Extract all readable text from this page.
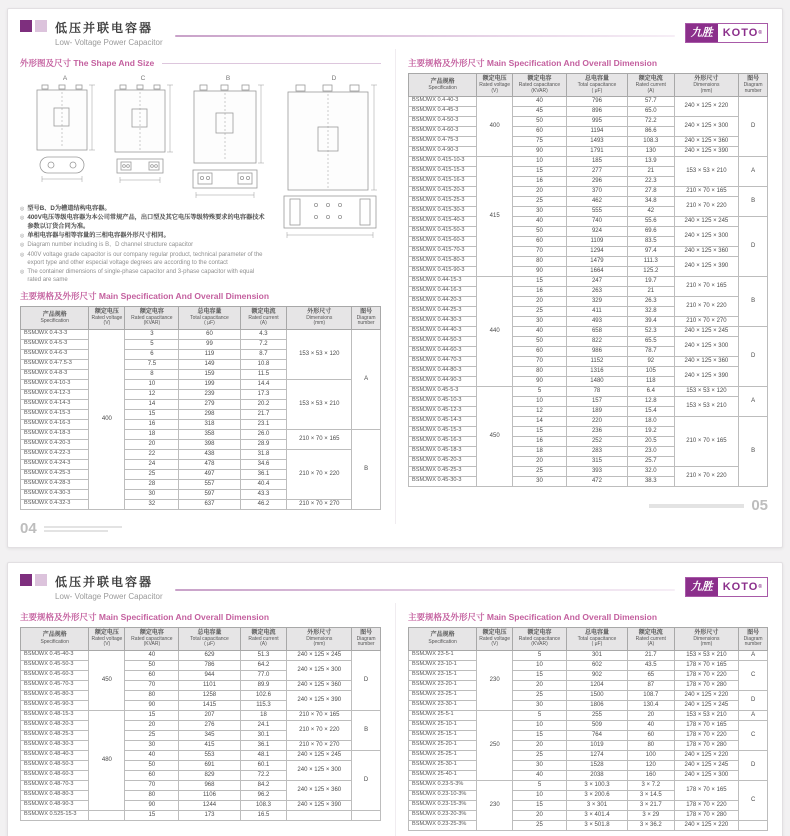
低压并联电容器
Low- Voltage Power Capacitor
九胜 KOTO®
外形图及尺寸 The Shape And Size
A	C	B	D
◎ 型号B、D为槽道结构电容器。
◎ 400V电压等级电容器为本公司常规产品，出口型及其它电压等级特殊要求的电容器技术参数以订货合同为准。
◎ 单相电容器与相等容量的三相电容器外形尺寸相同。
◎ Diagram number including is B、D channel structure capacitor
◎ 400V voltage grade capacitor is our company regular product, technical parameter of the export type and other especial voltage degrees are according to the contact
◎ The container dimensions of single-phase capacitor and 3-phase capacitor with equal rated are same
主要规格及外形尺寸 Main Specification And Overall Dimension
产品规格
Specification

额定电压
Rated voltage
(V)

额定电容
Rated capacitance
(KVAR)

总电容量
Total capacitance
( μF)

额定电流
Rated current
(A)

外形尺寸
Dimensions
(mm)

图号
Diagram
number

BSMJWX 0.4-3-3	400	3	60	4.3	153 × 53 × 120	A
BSMJWX 0.4-5-3		5	99	7.2		
BSMJWX 0.4-6-3		6	119	8.7		
BSMJWX 0.4-7.5-3		7.5	149	10.8		
BSMJWX 0.4-8-3		8	159	11.5		
BSMJWX 0.4-10-3		10	199	14.4	153 × 53 × 210	
BSMJWX 0.4-12-3		12	239	17.3		
BSMJWX 0.4-14-3		14	279	20.2		
BSMJWX 0.4-15-3		15	298	21.7		
BSMJWX 0.4-16-3		16	318	23.1		
BSMJWX 0.4-18-3		18	358	26.0	210 × 70 × 165	B
BSMJWX 0.4-20-3		20	398	28.9		
BSMJWX 0.4-22-3		22	438	31.8	210 × 70 × 220	
BSMJWX 0.4-24-3		24	478	34.6		
BSMJWX 0.4-25-3		25	497	36.1		
BSMJWX 0.4-28-3		28	557	40.4		
BSMJWX 0.4-30-3		30	597	43.3		
BSMJWX 0.4-32-3		32	637	46.2	210 × 70 × 270	
04
主要规格及外形尺寸 Main Specification And Overall Dimension
产品规格
Specification

额定电压
Rated voltage
(V)

额定电容
Rated capacitance
(KVAR)

总电容量
Total capacitance
( μF)

额定电流
Rated current
(A)

外形尺寸
Dimensions
(mm)

图号
Diagram
number

BSMJWX 0.4-40-3	400	40	796	57.7	240 × 125 × 220	D
BSMJWX 0.4-45-3		45	896	65.0		
BSMJWX 0.4-50-3		50	995	72.2	240 × 125 × 300	
BSMJWX 0.4-60-3		60	1194	86.6		
BSMJWX 0.4-75-3		75	1493	108.3	240 × 125 × 360	
BSMJWX 0.4-90-3		90	1791	130	240 × 125 × 390	
BSMJWX 0.415-10-3	415	10	185	13.9	153 × 53 × 210	A
BSMJWX 0.415-15-3		15	277	21		
BSMJWX 0.415-16-3		16	296	22.3		
BSMJWX 0.415-20-3		20	370	27.8	210 × 70 × 165	B
BSMJWX 0.415-25-3		25	462	34.8	210 × 70 × 220	
BSMJWX 0.415-30-3		30	555	42		
BSMJWX 0.415-40-3		40	740	55.6	240 × 125 × 245	D
BSMJWX 0.415-50-3		50	924	69.6	240 × 125 × 300	
BSMJWX 0.415-60-3		60	1109	83.5		
BSMJWX 0.415-70-3		70	1294	97.4	240 × 125 × 360	
BSMJWX 0.415-80-3		80	1479	111.3	240 × 125 × 390	
BSMJWX 0.415-90-3		90	1664	125.2		
BSMJWX 0.44-15-3	440	15	247	19.7	210 × 70 × 165	B
BSMJWX 0.44-16-3		16	263	21		
BSMJWX 0.44-20-3		20	329	26.3	210 × 70 × 220	
BSMJWX 0.44-25-3		25	411	32.8		
BSMJWX 0.44-30-3		30	493	39.4	210 × 70 × 270	
BSMJWX 0.44-40-3		40	658	52.3	240 × 125 × 245	D
BSMJWX 0.44-50-3		50	822	65.5	240 × 125 × 300	
BSMJWX 0.44-60-3		60	986	78.7		
BSMJWX 0.44-70-3		70	1152	92	240 × 125 × 360	
BSMJWX 0.44-80-3		80	1316	105	240 × 125 × 390	
BSMJWX 0.44-90-3		90	1480	118		
BSMJWX 0.45-5-3	450	5	78	6.4	153 × 53 × 120	A
BSMJWX 0.45-10-3		10	157	12.8	153 × 53 × 210	
BSMJWX 0.45-12-3		12	189	15.4		
BSMJWX 0.45-14-3		14	220	18.0	210 × 70 × 165	B
BSMJWX 0.45-15-3		15	236	19.2		
BSMJWX 0.45-16-3		16	252	20.5		
BSMJWX 0.45-18-3		18	283	23.0		
BSMJWX 0.45-20-3		20	315	25.7		
BSMJWX 0.45-25-3		25	393	32.0	210 × 70 × 220	
BSMJWX 0.45-30-3		30	472	38.3		
05
低压并联电容器
Low- Voltage Power Capacitor
九胜 KOTO®
主要规格及外形尺寸 Main Specification And Overall Dimension
产品规格
Specification

额定电压
Rated voltage
(V)

额定电容
Rated capacitance
(KVAR)

总电容量
Total capacitance
( μF)

额定电流
Rated current
(A)

外形尺寸
Dimensions
(mm)

图号
Diagram
number

BSMJWX 0.45-40-3	450	40	629	51.3	240 × 125 × 245	D
BSMJWX 0.45-50-3		50	786	64.2	240 × 125 × 300	
BSMJWX 0.45-60-3		60	944	77.0		
BSMJWX 0.45-70-3		70	1101	89.9	240 × 125 × 360	
BSMJWX 0.45-80-3		80	1258	102.6	240 × 125 × 390	
BSMJWX 0.45-90-3		90	1415	115.3		
BSMJWX 0.48-15-3	480	15	207	18	210 × 70 × 165	B
BSMJWX 0.48-20-3		20	276	24.1	210 × 70 × 220	
BSMJWX 0.48-25-3		25	345	30.1		
BSMJWX 0.48-30-3		30	415	36.1	210 × 70 × 270	
BSMJWX 0.48-40-3		40	553	48.1	240 × 125 × 245	D
BSMJWX 0.48-50-3		50	691	60.1	240 × 125 × 300	
BSMJWX 0.48-60-3		60	829	72.2		
BSMJWX 0.48-70-3		70	968	84.2	240 × 125 × 360	
BSMJWX 0.48-80-3		80	1106	96.2		
BSMJWX 0.48-90-3		90	1244	108.3	240 × 125 × 390	
BSMJWX 0.525-15-3		15	173	16.5		
主要规格及外形尺寸 Main Specification And Overall Dimension
产品规格
Specification

额定电压
Rated voltage
(V)

额定电容
Rated capacitance
(KVAR)

总电容量
Total capacitance
( μF)

额定电流
Rated current
(A)

外形尺寸
Dimensions
(mm)

图号
Diagram
number

BSMJWX 23-5-1	230	5	301	21.7	153 × 53 × 210	A
BSMJWX 23-10-1		10	602	43.5	178 × 70 × 165	C
BSMJWX 23-15-1		15	902	65	178 × 70 × 220	
BSMJWX 23-20-1		20	1204	87	178 × 70 × 280	
BSMJWX 23-25-1		25	1500	108.7	240 × 125 × 220	D
BSMJWX 23-30-1		30	1806	130.4	240 × 125 × 245	
BSMJWX 25-5-1	250	5	255	20	153 × 53 × 210	A
BSMJWX 25-10-1		10	509	40	178 × 70 × 165	C
BSMJWX 25-15-1		15	764	60	178 × 70 × 220	
BSMJWX 25-20-1		20	1019	80	178 × 70 × 280	
BSMJWX 25-25-1		25	1274	100	240 × 125 × 220	D
BSMJWX 25-30-1		30	1528	120	240 × 125 × 245	
BSMJWX 25-40-1		40	2038	160	240 × 125 × 300	
BSMJWX 0.23-5-3%	230	5	3 × 100.3	3 × 7.2	178 × 70 × 165	C
BSMJWX 0.23-10-3%		10	3 × 200.6	3 × 14.5		
BSMJWX 0.23-15-3%		15	3 × 301	3 × 21.7	178 × 70 × 220	
BSMJWX 0.23-20-3%		20	3 × 401.4	3 × 29	178 × 70 × 280	
BSMJWX 0.23-25-3%		25	3 × 501.8	3 × 36.2	240 × 125 × 220	
